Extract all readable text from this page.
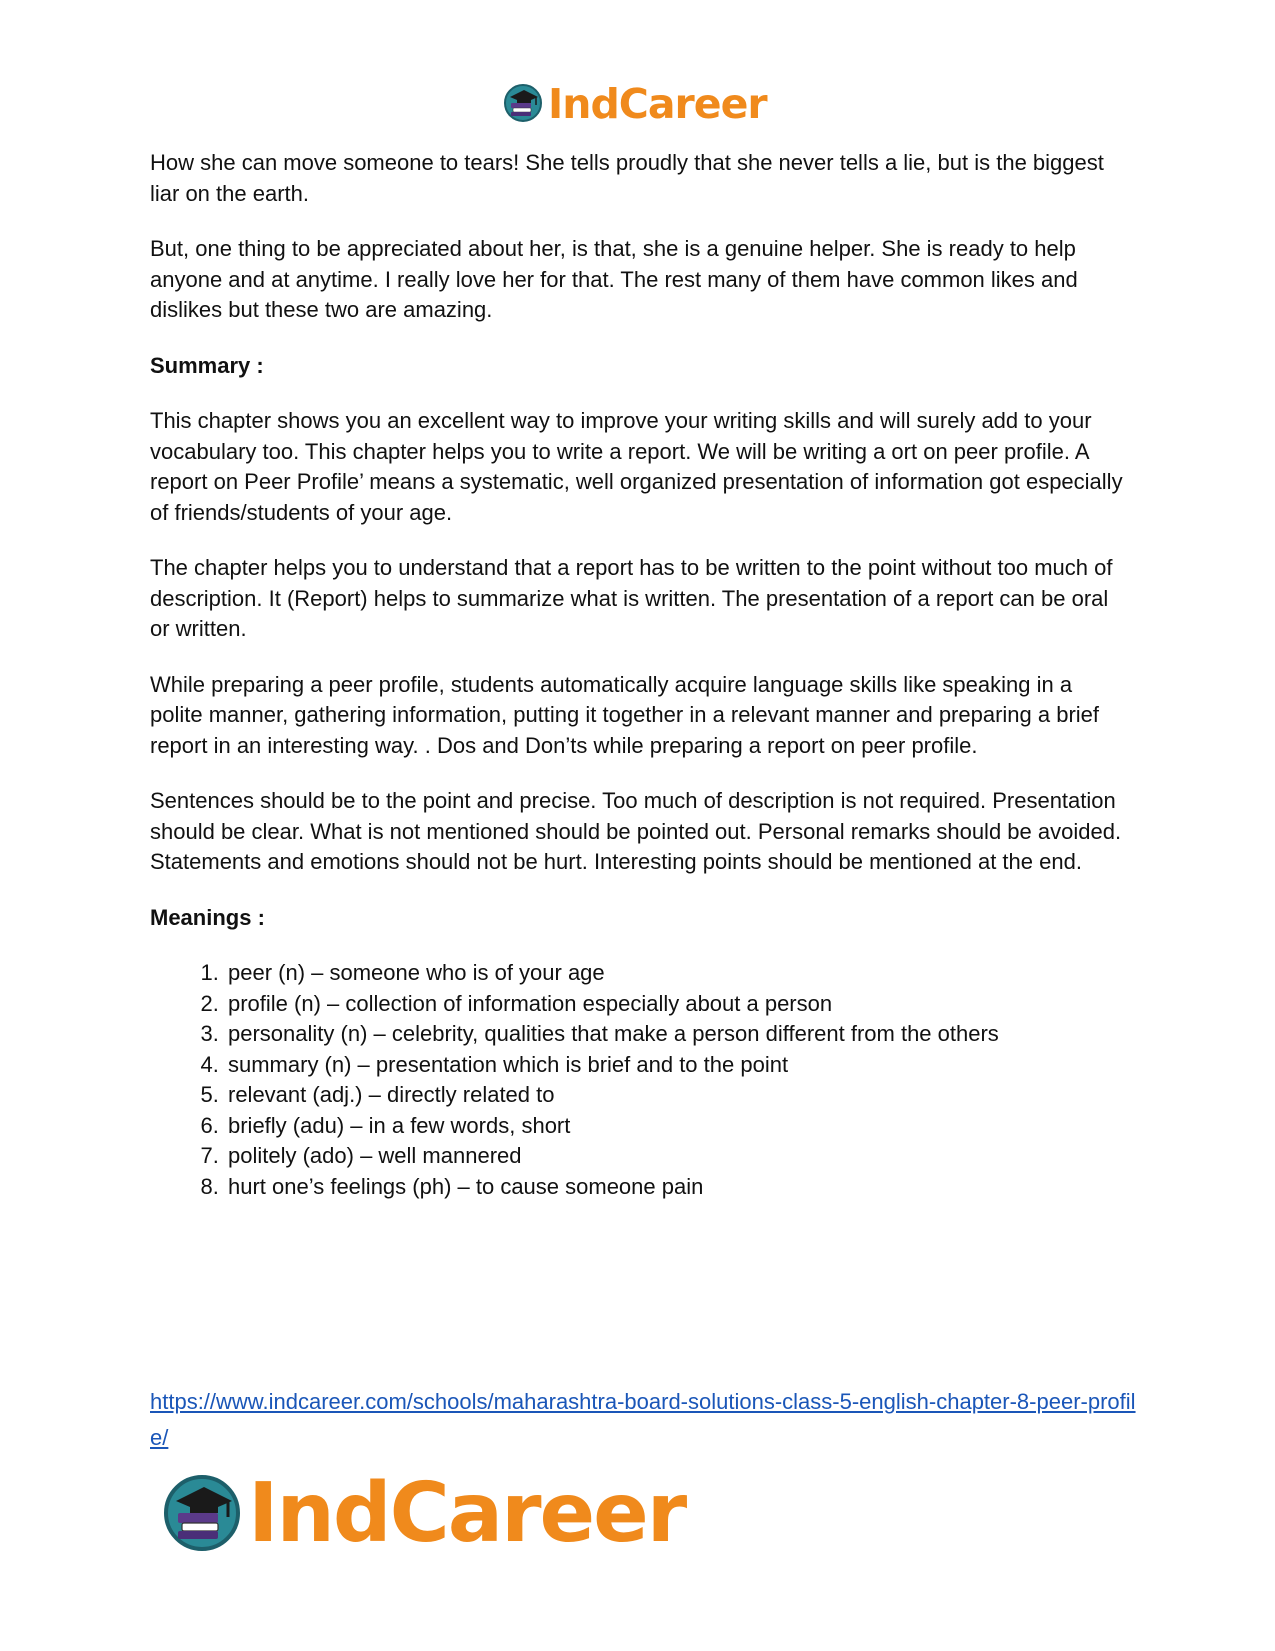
IndCareer

How she can move someone to tears! She tells proudly that she never tells a lie, but is the biggest liar on the earth.

But, one thing to be appreciated about her, is that, she is a genuine helper. She is ready to help anyone and at anytime. I really love her for that. The rest many of them have common likes and dislikes but these two are amazing.

Summary :

This chapter shows you an excellent way to improve your writing skills and will surely add to your vocabulary too. This chapter helps you to write a report. We will be writing a ort on peer profile. A report on Peer Profile’ means a systematic, well organized presentation of information got especially of friends/students of your age.

The chapter helps you to understand that a report has to be written to the point without too much of description. It (Report) helps to summarize what is written. The presentation of a report can be oral or written.

While preparing a peer profile, students automatically acquire language skills like speaking in a polite manner, gathering information, putting it together in a relevant manner and preparing a brief report in an interesting way. . Dos and Don’ts while preparing a report on peer profile.

Sentences should be to the point and precise. Too much of description is not required. Presentation should be clear. What is not mentioned should be pointed out. Personal remarks should be avoided. Statements and emotions should not be hurt. Interesting points should be mentioned at the end.

Meanings :
1. peer (n) – someone who is of your age
2. profile (n) – collection of information especially about a person
3. personality (n) – celebrity, qualities that make a person different from the others
4. summary (n) – presentation which is brief and to the point
5. relevant (adj.) – directly related to
6. briefly (adu) – in a few words, short
7. politely (ado) – well mannered
8. hurt one’s feelings (ph) – to cause someone pain
https://www.indcareer.com/schools/maharashtra-board-solutions-class-5-english-chapter-8-peer-profile/
IndCareer
